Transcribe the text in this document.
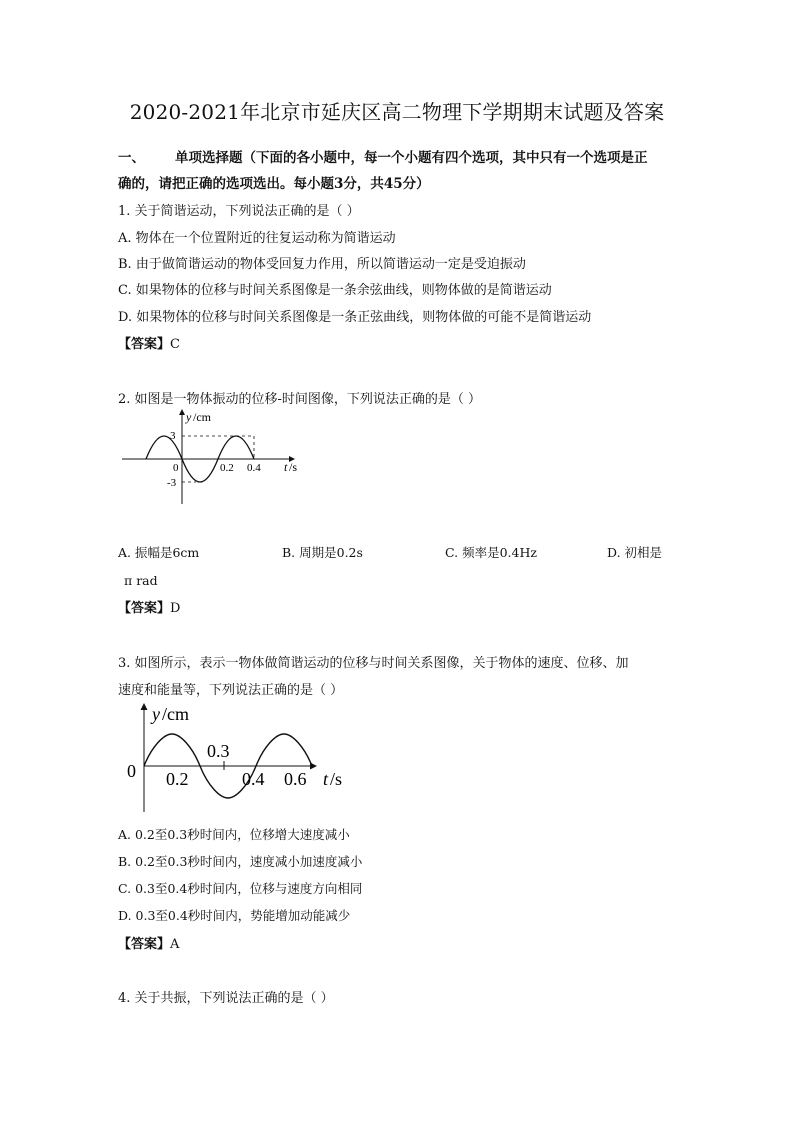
2020-2021年北京市延庆区高二物理下学期期末试题及答案
一、 单项选择题（下面的各小题中，每一个小题有四个选项，其中只有一个选项是正
确的，请把正确的选项选出。每小题3分，共45分）
1. 关于简谐运动，下列说法正确的是（ ）
A. 物体在一个位置附近的往复运动称为简谐运动
B. 由于做简谐运动的物体受回复力作用，所以简谐运动一定是受迫振动
C. 如果物体的位移与时间关系图像是一条余弦曲线，则物体做的是简谐运动
D. 如果物体的位移与时间关系图像是一条正弦曲线，则物体做的可能不是简谐运动
【答案】C
2. 如图是一物体振动的位移-时间图像，下列说法正确的是（ ）
y /cm
3
-3
0	0.2 0.4 t /s
A. 振幅是6cm	B. 周期是0.2s	C. 频率是0.4Hz	D. 初相是
π rad
【答案】D
3. 如图所示，表示一物体做简谐运动的位移与时间关系图像，关于物体的速度、位移、加
速度和能量等，下列说法正确的是（ ）
y /cm
0 0.2
0.3
0.4 0.6 t /s
A. 0.2至0.3秒时间内，位移增大速度减小
B. 0.2至0.3秒时间内，速度减小加速度减小
C. 0.3至0.4秒时间内，位移与速度方向相同
D. 0.3至0.4秒时间内，势能增加动能减少
【答案】A
4. 关于共振，下列说法正确的是（ ）
